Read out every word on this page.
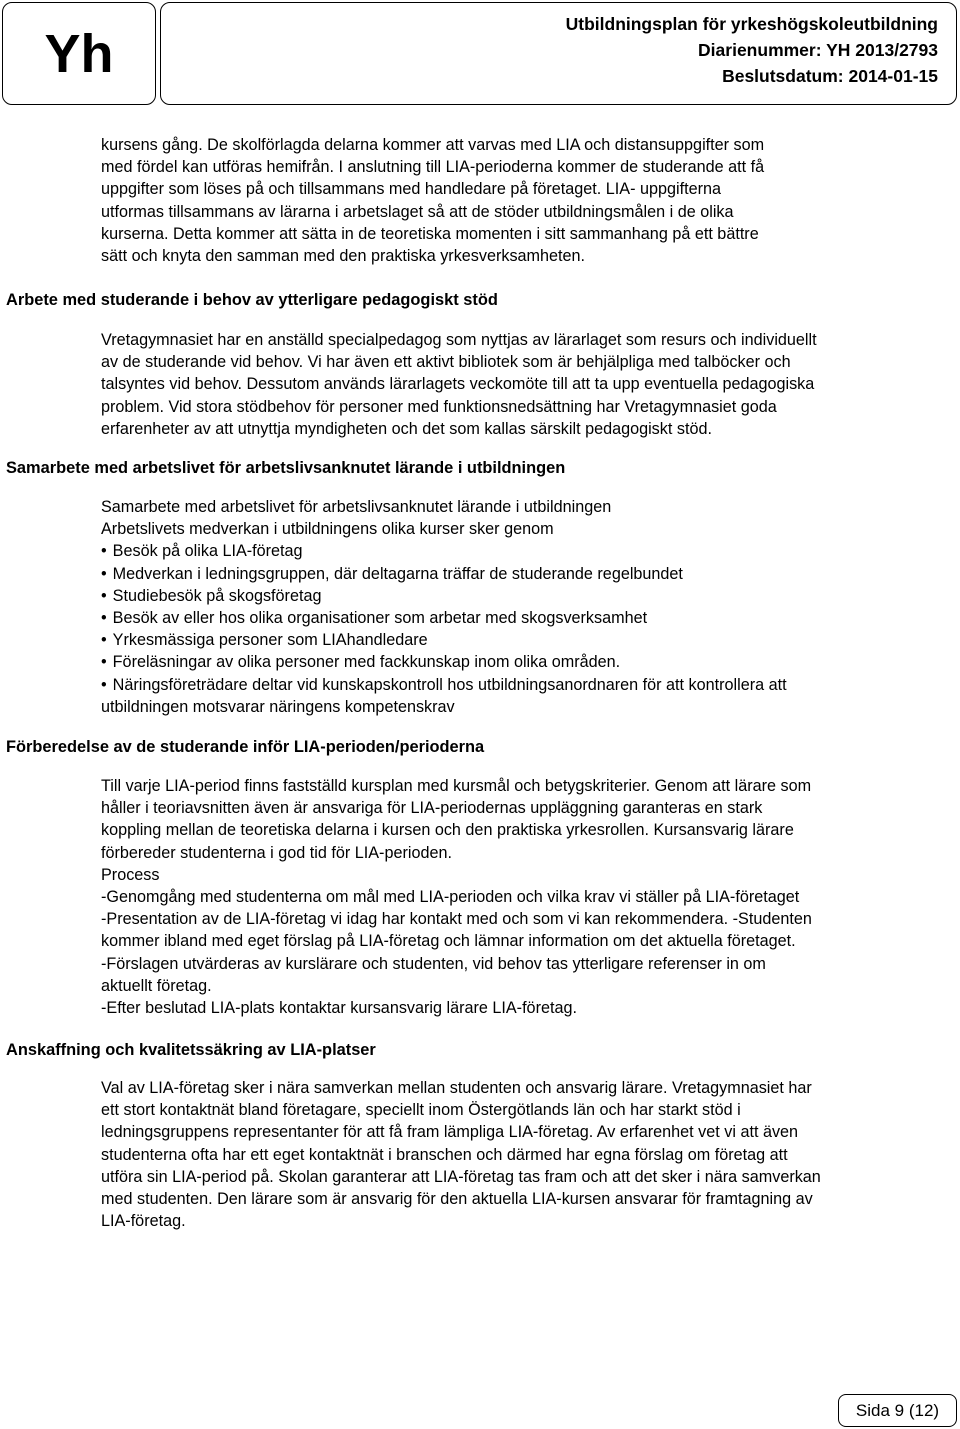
Yh	Utbildningsplan för yrkeshögskoleutbildning
Diarienummer: YH 2013/2793
Beslutsdatum: 2014-01-15

kursens gång. De skolförlagda delarna kommer att varvas med LIA och distansuppgifter som
med fördel kan utföras hemifrån. I anslutning till LIA-perioderna kommer de studerande att få
uppgifter som löses på och tillsammans med handledare på företaget. LIA- uppgifterna
utformas tillsammans av lärarna i arbetslaget så att de stöder utbildningsmålen i de olika
kurserna. Detta kommer att sätta in de teoretiska momenten i sitt sammanhang på ett bättre
sätt och knyta den samman med den praktiska yrkesverksamheten.

Arbete med studerande i behov av ytterligare pedagogiskt stöd

Vretagymnasiet har en anställd specialpedagog som nyttjas av lärarlaget som resurs och individuellt
av de studerande vid behov. Vi har även ett aktivt bibliotek som är behjälpliga med talböcker och
talsyntes vid behov. Dessutom används lärarlagets veckomöte till att ta upp eventuella pedagogiska
problem. Vid stora stödbehov för personer med funktionsnedsättning har Vretagymnasiet goda
erfarenheter av att utnyttja myndigheten och det som kallas särskilt pedagogiskt stöd.

Samarbete med arbetslivet för arbetslivsanknutet lärande i utbildningen
Samarbete med arbetslivet för arbetslivsanknutet lärande i utbildningen
Arbetslivets medverkan i utbildningens olika kurser sker genom
• Besök på olika LIA-företag
• Medverkan i ledningsgruppen, där deltagarna träffar de studerande regelbundet
• Studiebesök på skogsföretag
• Besök av eller hos olika organisationer som arbetar med skogsverksamhet
• Yrkesmässiga personer som LIAhandledare
• Föreläsningar av olika personer med fackkunskap inom olika områden.
• Näringsföreträdare deltar vid kunskapskontroll hos utbildningsanordnaren för att kontrollera att
utbildningen motsvarar näringens kompetenskrav
Förberedelse av de studerande inför LIA-perioden/perioderna

Till varje LIA-period finns fastställd kursplan med kursmål och betygskriterier. Genom att lärare som
håller i teoriavsnitten även är ansvariga för LIA-periodernas uppläggning garanteras en stark
koppling mellan de teoretiska delarna i kursen och den praktiska yrkesrollen. Kursansvarig lärare
förbereder studenterna i god tid för LIA-perioden.
Process
-Genomgång med studenterna om mål med LIA-perioden och vilka krav vi ställer på LIA-företaget
-Presentation av de LIA-företag vi idag har kontakt med och som vi kan rekommendera. -Studenten
kommer ibland med eget förslag på LIA-företag och lämnar information om det aktuella företaget.
-Förslagen utvärderas av kurslärare och studenten, vid behov tas ytterligare referenser in om
aktuellt företag.
-Efter beslutad LIA-plats kontaktar kursansvarig lärare LIA-företag.

Anskaffning och kvalitetssäkring av LIA-platser

Val av LIA-företag sker i nära samverkan mellan studenten och ansvarig lärare. Vretagymnasiet har
ett stort kontaktnät bland företagare, speciellt inom Östergötlands län och har starkt stöd i
ledningsgruppens representanter för att få fram lämpliga LIA-företag. Av erfarenhet vet vi att även
studenterna ofta har ett eget kontaktnät i branschen och därmed har egna förslag om företag att
utföra sin LIA-period på. Skolan garanterar att LIA-företag tas fram och att det sker i nära samverkan
med studenten. Den lärare som är ansvarig för den aktuella LIA-kursen ansvarar för framtagning av
LIA-företag.

Sida 9 (12)
